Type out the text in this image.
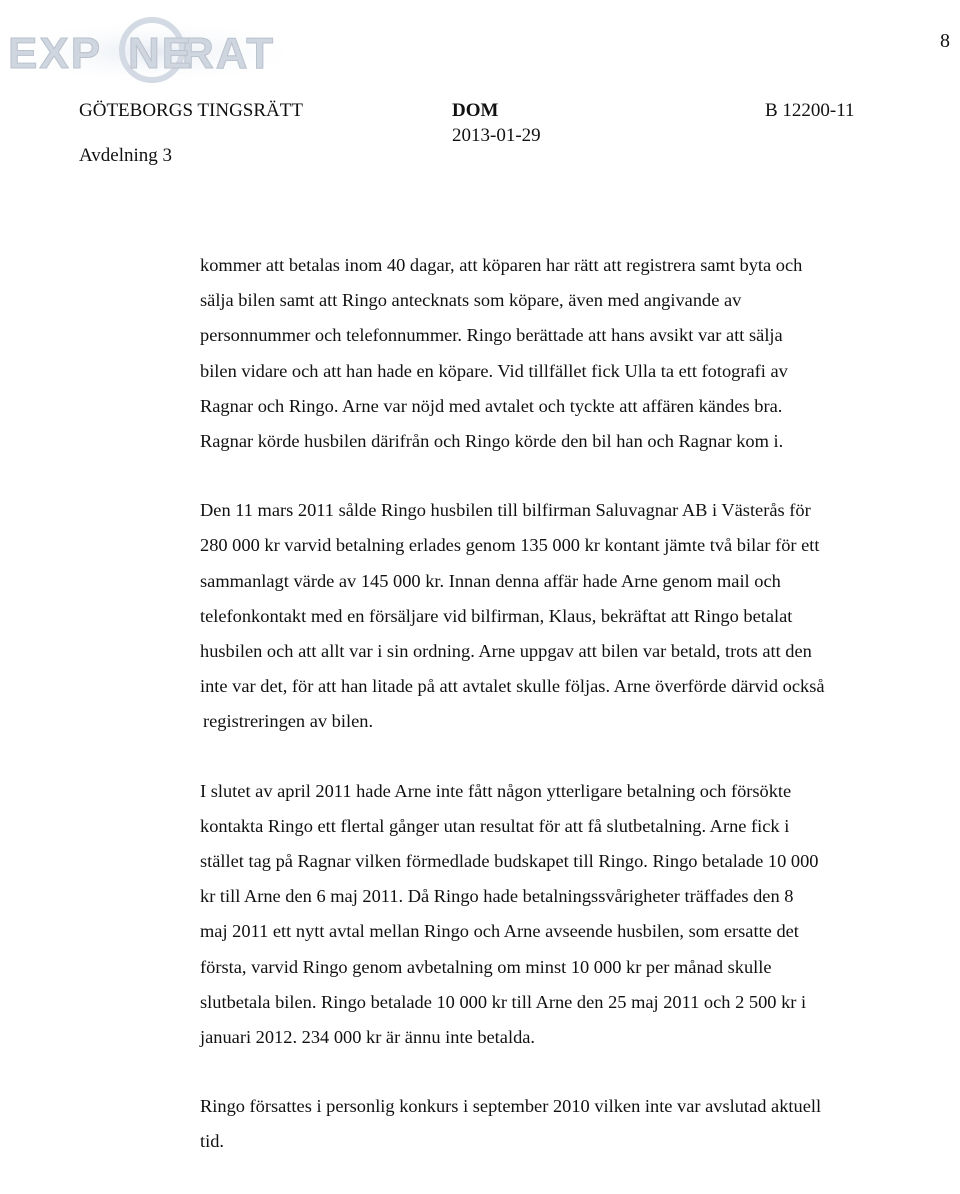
EXP RAT
NE	8
GÖTEBORGS TINGSRÄTT
Avdelning 3
DOM
2013-01-29
B 12200-11

kommer att betalas inom 40 dagar, att köparen har rätt att registrera samt byta och
sälja bilen samt att Ringo antecknats som köpare, även med angivande av
personnummer och telefonnummer. Ringo berättade att hans avsikt var att sälja
bilen vidare och att han hade en köpare. Vid tillfället fick Ulla ta ett fotografi av
Ragnar och Ringo. Arne var nöjd med avtalet och tyckte att affären kändes bra.
Ragnar körde husbilen därifrån och Ringo körde den bil han och Ragnar kom i.

Den 11 mars 2011 sålde Ringo husbilen till bilfirman Saluvagnar AB i Västerås för
280 000 kr varvid betalning erlades genom 135 000 kr kontant jämte två bilar för ett
sammanlagt värde av 145 000 kr. Innan denna affär hade Arne genom mail och
telefonkontakt med en försäljare vid bilfirman, Klaus, bekräftat att Ringo betalat
husbilen och att allt var i sin ordning. Arne uppgav att bilen var betald, trots att den
inte var det, för att han litade på att avtalet skulle följas. Arne överförde därvid också
registreringen av bilen.

I slutet av april 2011 hade Arne inte fått någon ytterligare betalning och försökte
kontakta Ringo ett flertal gånger utan resultat för att få slutbetalning. Arne fick i
stället tag på Ragnar vilken förmedlade budskapet till Ringo. Ringo betalade 10 000
kr till Arne den 6 maj 2011. Då Ringo hade betalningssvårigheter träffades den 8
maj 2011 ett nytt avtal mellan Ringo och Arne avseende husbilen, som ersatte det
första, varvid Ringo genom avbetalning om minst 10 000 kr per månad skulle
slutbetala bilen. Ringo betalade 10 000 kr till Arne den 25 maj 2011 och 2 500 kr i
januari 2012. 234 000 kr är ännu inte betalda.

Ringo försattes i personlig konkurs i september 2010 vilken inte var avslutad aktuell
tid.
